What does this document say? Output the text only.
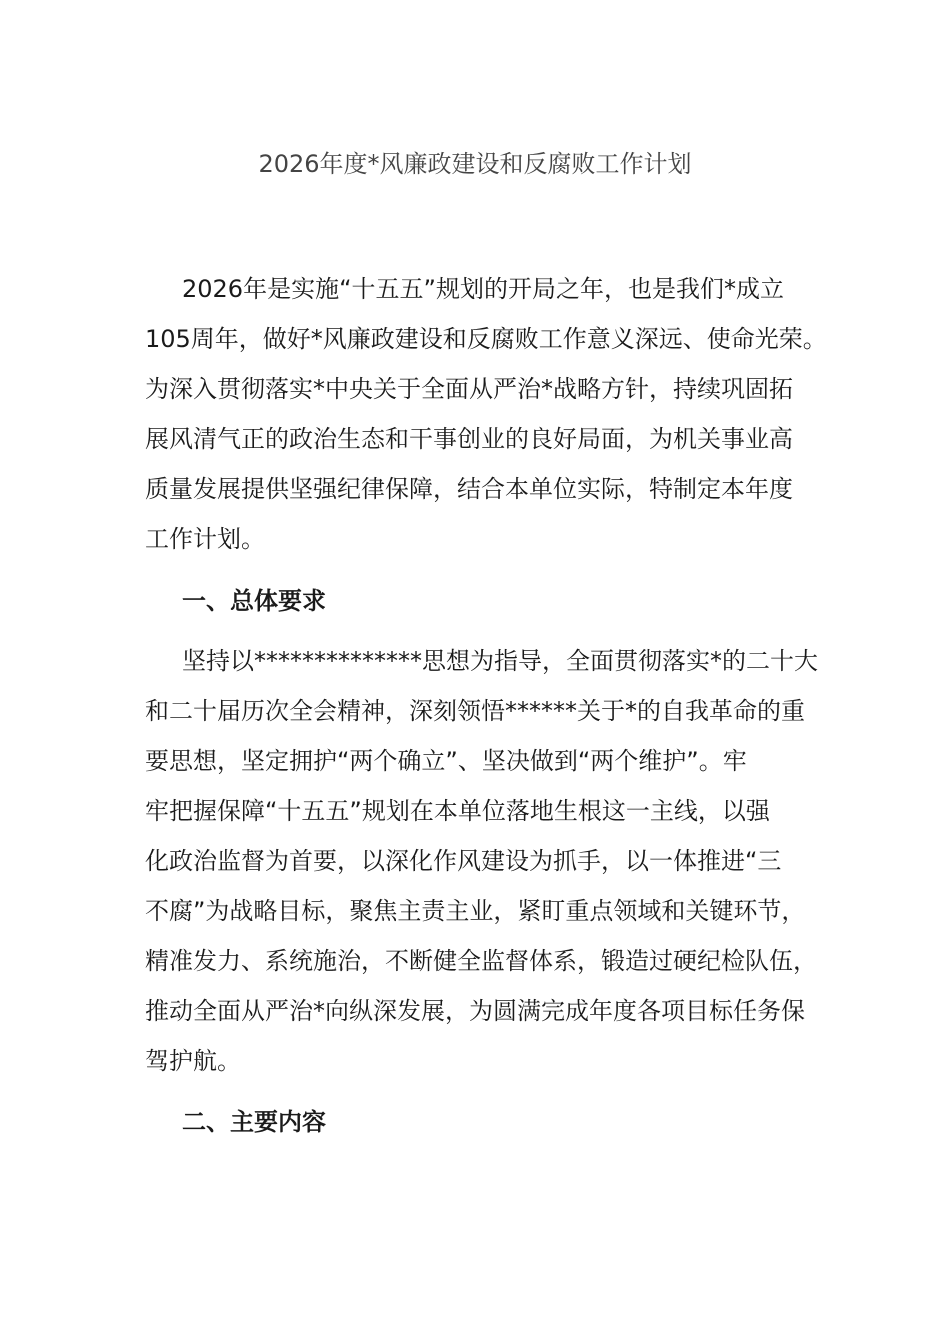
2026年度*风廉政建设和反腐败工作计划

2026年是实施“十五五”规划的开局之年，也是我们*成立

105周年，做好*风廉政建设和反腐败工作意义深远、使命光荣。

为深入贯彻落实*中央关于全面从严治*战略方针，持续巩固拓

展风清气正的政治生态和干事创业的良好局面，为机关事业高

质量发展提供坚强纪律保障，结合本单位实际，特制定本年度

工作计划。

一、总体要求

坚持以**************思想为指导，全面贯彻落实*的二十大

和二十届历次全会精神，深刻领悟******关于*的自我革命的重

要思想，坚定拥护“两个确立”、坚决做到“两个维护”。牢

牢把握保障“十五五”规划在本单位落地生根这一主线，以强

化政治监督为首要，以深化作风建设为抓手，以一体推进“三

不腐”为战略目标，聚焦主责主业，紧盯重点领域和关键环节，

精准发力、系统施治，不断健全监督体系，锻造过硬纪检队伍，

推动全面从严治*向纵深发展，为圆满完成年度各项目标任务保

驾护航。

二、主要内容
